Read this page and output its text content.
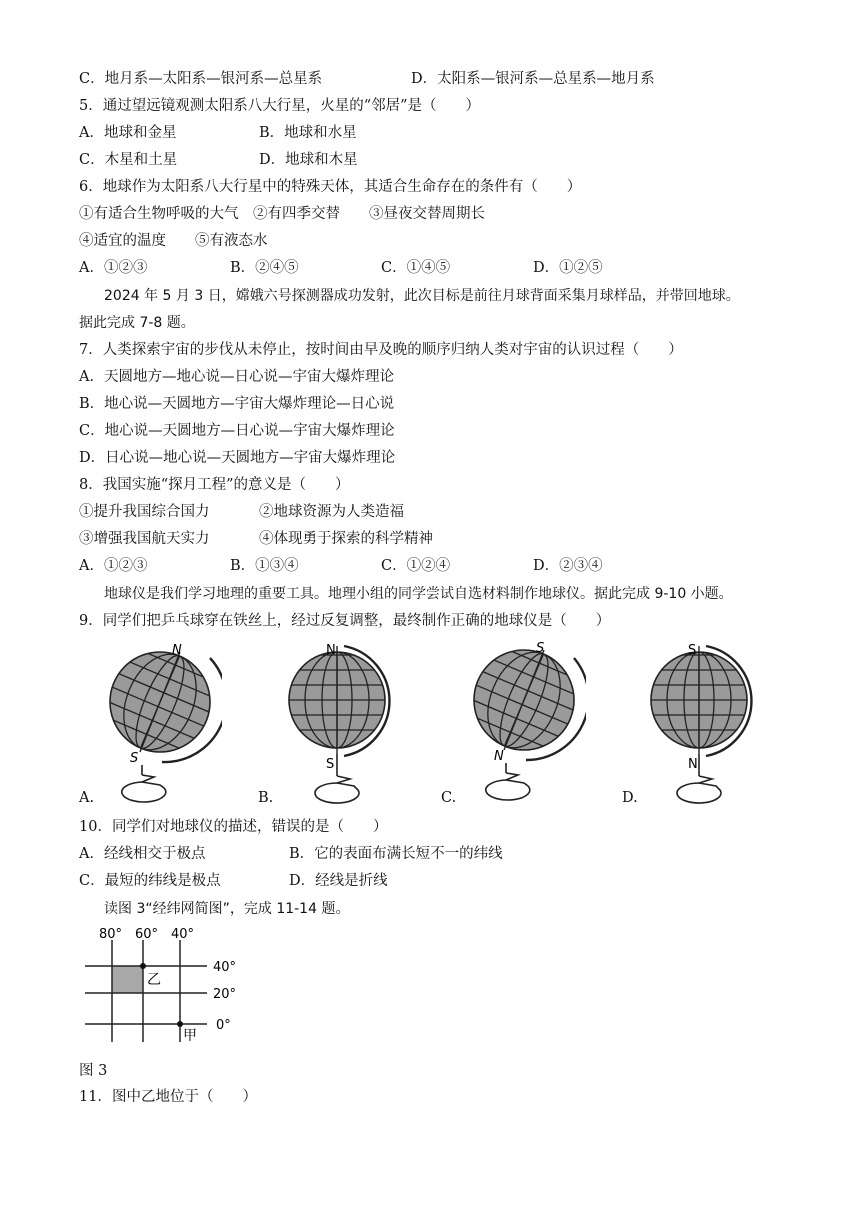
C．地月系—太阳系—银河系—总星系	D．太阳系—银河系—总星系—地月系
5．通过望远镜观测太阳系八大行星，火星的“邻居”是（　　）
A．地球和金星	B．地球和水星
C．木星和土星	D．地球和木星
6．地球作为太阳系八大行星中的特殊天体，其适合生命存在的条件有（　　）
①有适合生物呼吸的大气　②有四季交替　　③昼夜交替周期长
④适宜的温度　　⑤有液态水
A．①②③	B．②④⑤	C．①④⑤	D．①②⑤
2024 年 5 月 3 日，嫦娥六号探测器成功发射，此次目标是前往月球背面采集月球样品，并带回地球。
据此完成 7-8 题。
7．人类探索宇宙的步伐从未停止，按时间由早及晚的顺序归纳人类对宇宙的认识过程（　　）
A．天圆地方—地心说—日心说—宇宙大爆炸理论
B．地心说—天圆地方—宇宙大爆炸理论—日心说
C．地心说—天圆地方—日心说—宇宙大爆炸理论
D．日心说—地心说—天圆地方—宇宙大爆炸理论
8．我国实施“探月工程”的意义是（　　）
①提升我国综合国力	②地球资源为人类造福
③增强我国航天实力	④体现勇于探索的科学精神
A．①②③	B．①③④	C．①②④	D．②③④
地球仪是我们学习地理的重要工具。地理小组的同学尝试自选材料制作地球仪。据此完成 9-10 小题。
9．同学们把乒乓球穿在铁丝上，经过反复调整，最终制作正确的地球仪是（　　）
N
S
A.
N
S
B.
S
N
C.
S
N
D.
10．同学们对地球仪的描述，错误的是（　　）
A．经线相交于极点	B．它的表面布满长短不一的纬线
C．最短的纬线是极点	D．经线是折线
读图 3“经纬网简图”，完成 11-14 题。
80° 60° 40°
40°
20°
0°
乙
甲
图 3
11．图中乙地位于（　　）
